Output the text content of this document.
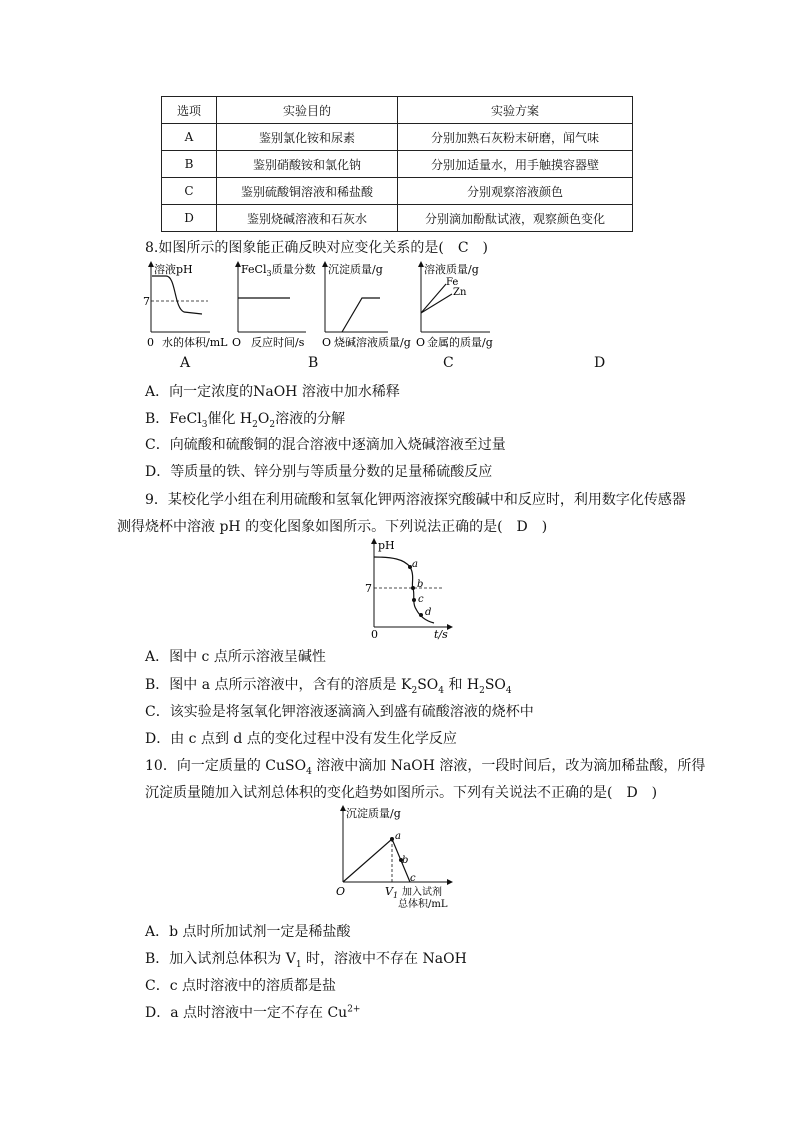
选项	实验目的	实验方案
A	鉴别氯化铵和尿素	分别加熟石灰粉末研磨，闻气味
B	鉴别硝酸铵和氯化钠	分别加适量水，用手触摸容器壁
C	鉴别硫酸铜溶液和稀盐酸	分别观察溶液颜色
D	鉴别烧碱溶液和石灰水	分别滴加酚酞试液，观察颜色变化
8.如图所示的图象能正确反映对应变化关系的是(　C　)
溶液pH
7
0 水的体积/mL
FeCl$_3$质量分数
O 反应时间/s
沉淀质量/g
O 烧碱溶液质量/g
溶液质量/g
Fe
Zn
O 金属的质量/g
A	B	C	D
A．向一定浓度的NaOH 溶液中加水稀释
B．FeCl$_3$催化 $H_2O_2$溶液的分解
C．向硫酸和硫酸铜的混合溶液中逐滴加入烧碱溶液至过量
D．等质量的铁、锌分别与等质量分数的足量稀硫酸反应
9．某校化学小组在利用硫酸和氢氧化钾两溶液探究酸碱中和反应时，利用数字化传感器
测得烧杯中溶液 pH 的变化图象如图所示。下列说法正确的是(　D　)
pH
7
0	t/s
a
b
c
d
A．图中 c 点所示溶液呈碱性
B．图中 a 点所示溶液中，含有的溶质是 $K_2SO_4$ 和 $H_2SO_4$
C．该实验是将氢氧化钾溶液逐滴滴入到盛有硫酸溶液的烧杯中
D．由 c 点到 d 点的变化过程中没有发生化学反应
10．向一定质量的 CuSO$_4$ 溶液中滴加 NaOH 溶液，一段时间后，改为滴加稀盐酸，所得
沉淀质量随加入试剂总体积的变化趋势如图所示。下列有关说法不正确的是(　D　)
沉淀质量/g
a
b
c
O	$V_1$ 加入试剂
总体积/mL
A．b 点时所加试剂一定是稀盐酸
B．加入试剂总体积为 $V_1$ 时，溶液中不存在 NaOH
C．c 点时溶液中的溶质都是盐
D．a 点时溶液中一定不存在 $Cu^{2+}$
